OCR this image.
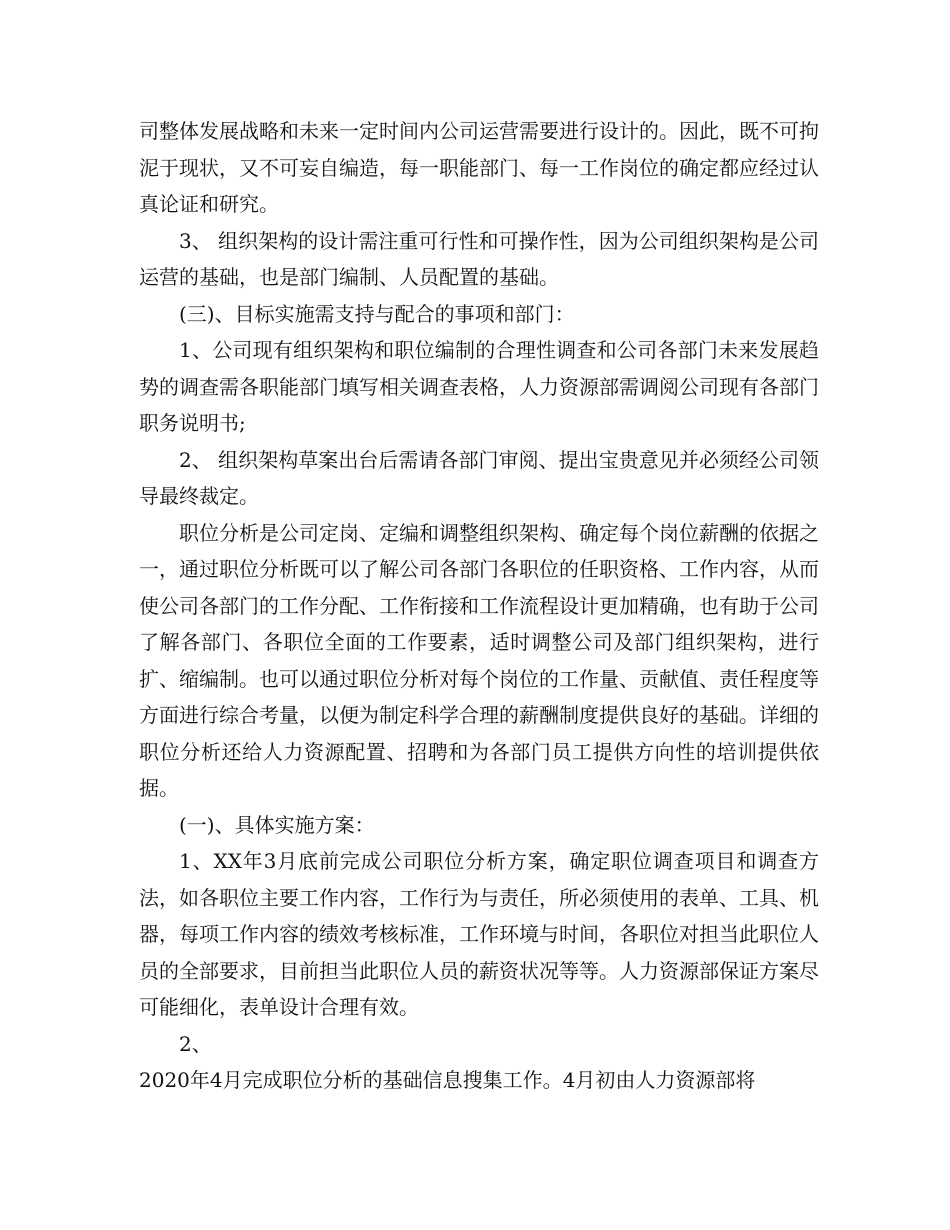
司整体发展战略和未来一定时间内公司运营需要进行设计的。因此，既不可拘泥于现状，又不可妄自编造，每一职能部门、每一工作岗位的确定都应经过认真论证和研究。

3、 组织架构的设计需注重可行性和可操作性，因为公司组织架构是公司运营的基础，也是部门编制、人员配置的基础。

(三)、目标实施需支持与配合的事项和部门：

1、公司现有组织架构和职位编制的合理性调查和公司各部门未来发展趋势的调查需各职能部门填写相关调查表格，人力资源部需调阅公司现有各部门职务说明书;

2、 组织架构草案出台后需请各部门审阅、提出宝贵意见并必须经公司领导最终裁定。

职位分析是公司定岗、定编和调整组织架构、确定每个岗位薪酬的依据之一，通过职位分析既可以了解公司各部门各职位的任职资格、工作内容，从而使公司各部门的工作分配、工作衔接和工作流程设计更加精确，也有助于公司了解各部门、各职位全面的工作要素，适时调整公司及部门组织架构，进行扩、缩编制。也可以通过职位分析对每个岗位的工作量、贡献值、责任程度等方面进行综合考量，以便为制定科学合理的薪酬制度提供良好的基础。详细的职位分析还给人力资源配置、招聘和为各部门员工提供方向性的培训提供依据。

(一)、具体实施方案：

1、XX年3月底前完成公司职位分析方案，确定职位调查项目和调查方法，如各职位主要工作内容，工作行为与责任，所必须使用的表单、工具、机器，每项工作内容的绩效考核标准，工作环境与时间，各职位对担当此职位人员的全部要求，目前担当此职位人员的薪资状况等等。人力资源部保证方案尽可能细化，表单设计合理有效。

2、

2020年4月完成职位分析的基础信息搜集工作。4月初由人力资源部将
